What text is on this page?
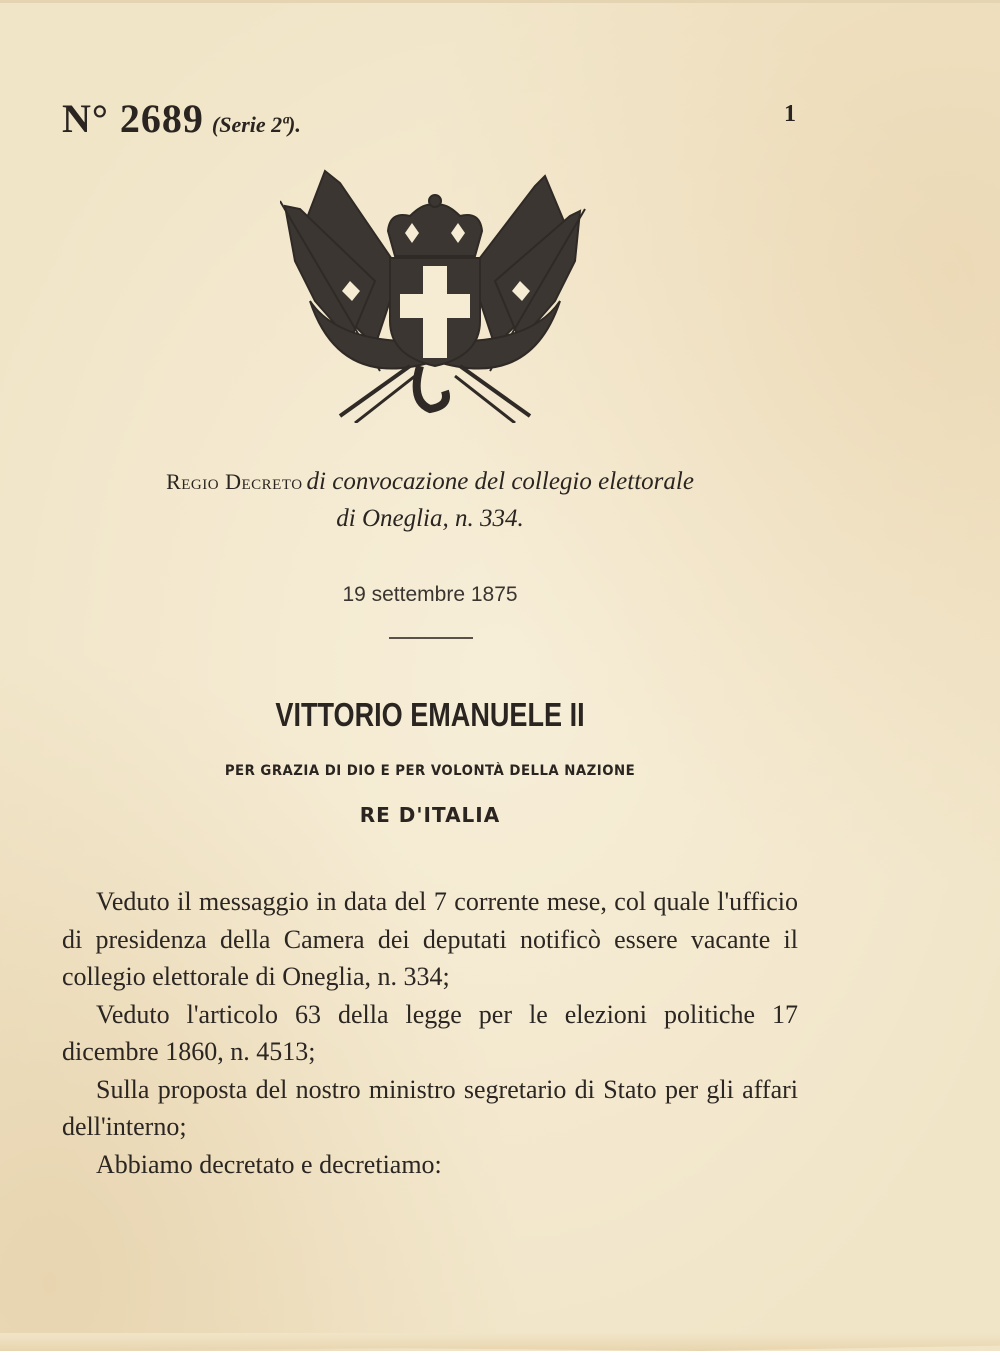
N° 2689 (Serie 2ª).	1
Regio Decreto di convocazione del collegio elettorale
di Oneglia, n. 334.
19 settembre 1875
VITTORIO EMANUELE II
PER GRAZIA DI DIO E PER VOLONTÀ DELLA NAZIONE
RE D'ITALIA

Veduto il messaggio in data del 7 corrente mese, col quale l'ufficio di presidenza della Camera dei deputati notificò essere vacante il collegio elettorale di Oneglia, n. 334;

Veduto l'articolo 63 della legge per le elezioni politiche 17 dicembre 1860, n. 4513;

Sulla proposta del nostro ministro segretario di Stato per gli affari dell'interno;

Abbiamo decretato e decretiamo:
